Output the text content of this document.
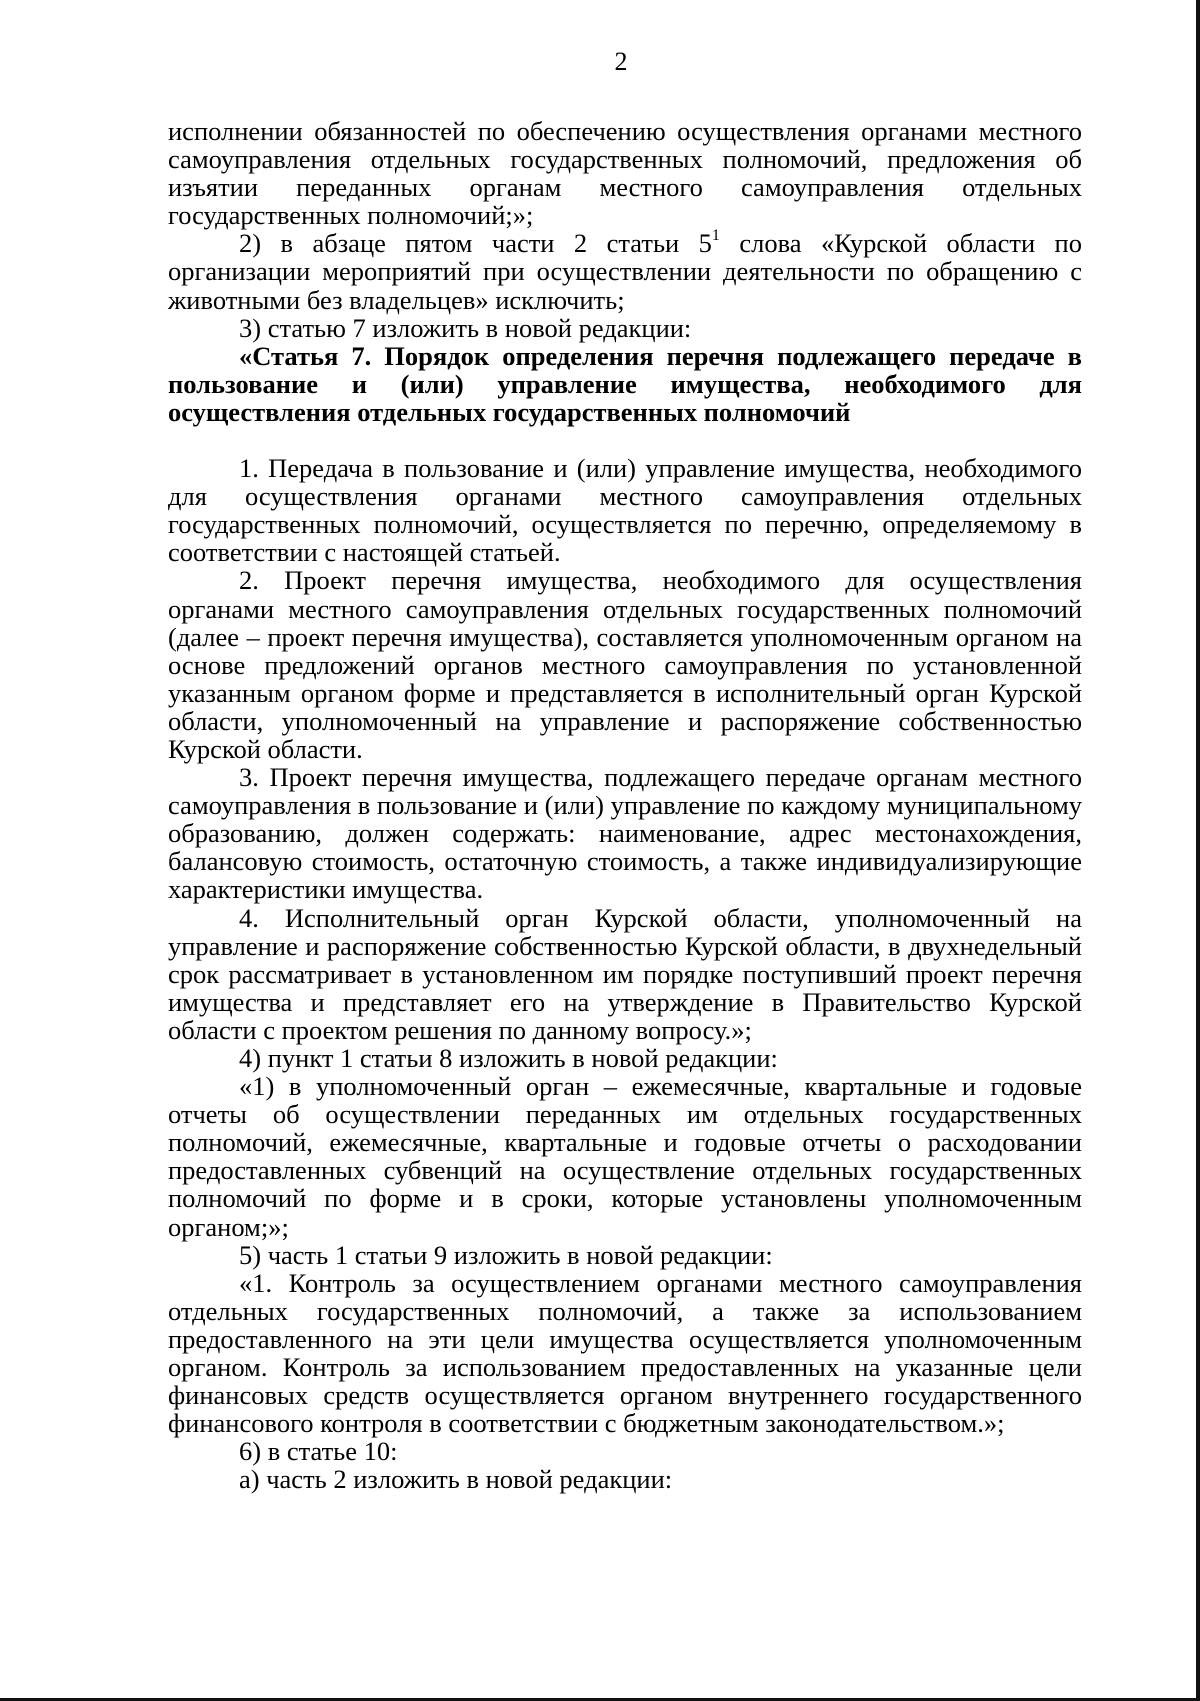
2

исполнении обязанностей по обеспечению осуществления органами местного самоуправления отдельных государственных полномочий, предложения об изъятии переданных органам местного самоуправления отдельных государственных полномочий;»;

2) в абзаце пятом части 2 статьи $5^1$ слова «Курской области по организации мероприятий при осуществлении деятельности по обращению с животными без владельцев» исключить;

3) статью 7 изложить в новой редакции:

«Статья 7. Порядок определения перечня подлежащего передаче в пользование и (или) управление имущества, необходимого для осуществления отдельных государственных полномочий

1. Передача в пользование и (или) управление имущества, необходимого для осуществления органами местного самоуправления отдельных государственных полномочий, осуществляется по перечню, определяемому в соответствии с настоящей статьей.

2. Проект перечня имущества, необходимого для осуществления органами местного самоуправления отдельных государственных полномочий (далее – проект перечня имущества), составляется уполномоченным органом на основе предложений органов местного самоуправления по установленной указанным органом форме и представляется в исполнительный орган Курской области, уполномоченный на управление и распоряжение собственностью Курской области.

3. Проект перечня имущества, подлежащего передаче органам местного самоуправления в пользование и (или) управление по каждому муниципальному образованию, должен содержать: наименование, адрес местонахождения, балансовую стоимость, остаточную стоимость, а также индивидуализирующие характеристики имущества.

4. Исполнительный орган Курской области, уполномоченный на управление и распоряжение собственностью Курской области, в двухнедельный срок рассматривает в установленном им порядке поступивший проект перечня имущества и представляет его на утверждение в Правительство Курской области с проектом решения по данному вопросу.»;

4) пункт 1 статьи 8 изложить в новой редакции:

«1) в уполномоченный орган – ежемесячные, квартальные и годовые отчеты об осуществлении переданных им отдельных государственных полномочий, ежемесячные, квартальные и годовые отчеты о расходовании предоставленных субвенций на осуществление отдельных государственных полномочий по форме и в сроки, которые установлены уполномоченным органом;»;

5) часть 1 статьи 9 изложить в новой редакции:

«1. Контроль за осуществлением органами местного самоуправления отдельных государственных полномочий, а также за использованием предоставленного на эти цели имущества осуществляется уполномоченным органом. Контроль за использованием предоставленных на указанные цели финансовых средств осуществляется органом внутреннего государственного финансового контроля в соответствии с бюджетным законодательством.»;

6) в статье 10:

а) часть 2 изложить в новой редакции:
